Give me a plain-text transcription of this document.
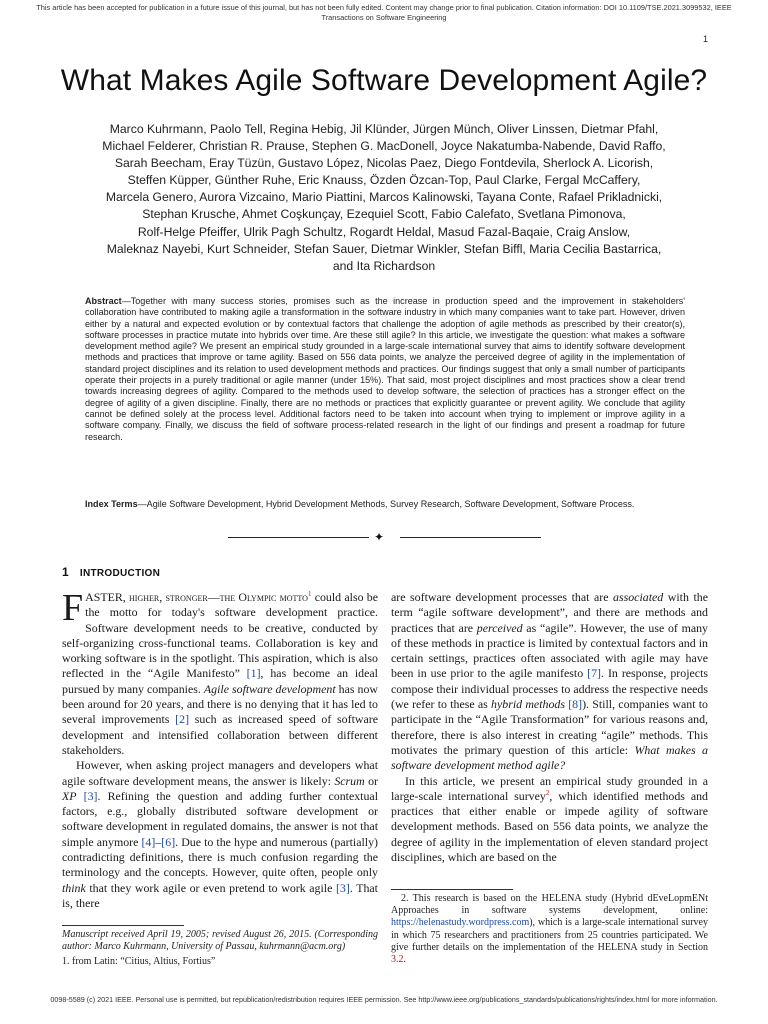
This article has been accepted for publication in a future issue of this journal, but has not been fully edited. Content may change prior to final publication. Citation information: DOI 10.1109/TSE.2021.3099532, IEEE
Transactions on Software Engineering
1
What Makes Agile Software Development Agile?
Marco Kuhrmann, Paolo Tell, Regina Hebig, Jil Klünder, Jürgen Münch, Oliver Linssen, Dietmar Pfahl,
Michael Felderer, Christian R. Prause, Stephen G. MacDonell, Joyce Nakatumba-Nabende, David Raffo,
Sarah Beecham, Eray Tüzün, Gustavo López, Nicolas Paez, Diego Fontdevila, Sherlock A. Licorish,
Steffen Küpper, Günther Ruhe, Eric Knauss, Özden Özcan-Top, Paul Clarke, Fergal McCaffery,
Marcela Genero, Aurora Vizcaino, Mario Piattini, Marcos Kalinowski, Tayana Conte, Rafael Prikladnicki,
Stephan Krusche, Ahmet Coşkunçay, Ezequiel Scott, Fabio Calefato, Svetlana Pimonova,
Rolf-Helge Pfeiffer, Ulrik Pagh Schultz, Rogardt Heldal, Masud Fazal-Baqaie, Craig Anslow,
Maleknaz Nayebi, Kurt Schneider, Stefan Sauer, Dietmar Winkler, Stefan Biffl, Maria Cecilia Bastarrica,
and Ita Richardson
Abstract—Together with many success stories, promises such as the increase in production speed and the improvement in stakeholders' collaboration have contributed to making agile a transformation in the software industry in which many companies want to take part. However, driven either by a natural and expected evolution or by contextual factors that challenge the adoption of agile methods as prescribed by their creator(s), software processes in practice mutate into hybrids over time. Are these still agile? In this article, we investigate the question: what makes a software development method agile? We present an empirical study grounded in a large-scale international survey that aims to identify software development methods and practices that improve or tame agility. Based on 556 data points, we analyze the perceived degree of agility in the implementation of standard project disciplines and its relation to used development methods and practices. Our findings suggest that only a small number of participants operate their projects in a purely traditional or agile manner (under 15%). That said, most project disciplines and most practices show a clear trend towards increasing degrees of agility. Compared to the methods used to develop software, the selection of practices has a stronger effect on the degree of agility of a given discipline. Finally, there are no methods or practices that explicitly guarantee or prevent agility. We conclude that agility cannot be defined solely at the process level. Additional factors need to be taken into account when trying to implement or improve agility in a software company. Finally, we discuss the field of software process-related research in the light of our findings and present a roadmap for future research.
Index Terms—Agile Software Development, Hybrid Development Methods, Survey Research, Software Development, Software Process.
✦
1 INTRODUCTION

FASTER, higher, stronger—the Olympic motto$^1$ could also be the motto for today's software development practice. Software development needs to be creative, conducted by self-organizing cross-functional teams. Collaboration is key and working software is in the spotlight. This aspiration, which is also reflected in the “Agile Manifesto” [1], has become an ideal pursued by many companies. Agile software development has now been around for 20 years, and there is no denying that it has led to several improvements [2] such as increased speed of software development and intensified collaboration between different stakeholders.

However, when asking project managers and developers what agile software development means, the answer is likely: Scrum or XP [3]. Refining the question and adding further contextual factors, e.g., globally distributed software development or software development in regulated domains, the answer is not that simple anymore [4]–[6]. Due to the hype and numerous (partially) contradicting definitions, there is much confusion regarding the terminology and the concepts. However, quite often, people only think that they work agile or even pretend to work agile [3]. That is, there

are software development processes that are associated with the term “agile software development”, and there are methods and practices that are perceived as “agile”. However, the use of many of these methods in practice is limited by contextual factors and in certain settings, practices often associated with agile may have been in use prior to the agile manifesto [7]. In response, projects compose their individual processes to address the respective needs (we refer to these as hybrid methods [8]). Still, companies want to participate in the “Agile Transformation” for various reasons and, therefore, there is also interest in creating “agile” methods. This motivates the primary question of this article: What makes a software development method agile?

In this article, we present an empirical study grounded in a large-scale international survey$^2$, which identified methods and practices that either enable or impede agility of software development methods. Based on 556 data points, we analyze the degree of agility in the implementation of eleven standard project disciplines, which are based on the

Manuscript received April 19, 2005; revised August 26, 2015. (Corresponding author: Marco Kuhrmann, University of Passau, kuhrmann@acm.org)

1. from Latin: “Citius, Altius, Fortius”

2. This research is based on the HELENA study (Hybrid dEveLopmENt Approaches in software systems development, online: https://helenastudy.wordpress.com), which is a large-scale international survey in which 75 researchers and practitioners from 25 countries participated. We give further details on the implementation of the HELENA study in Section 3.2.

0098-5589 (c) 2021 IEEE. Personal use is permitted, but republication/redistribution requires IEEE permission. See http://www.ieee.org/publications_standards/publications/rights/index.html for more information.
